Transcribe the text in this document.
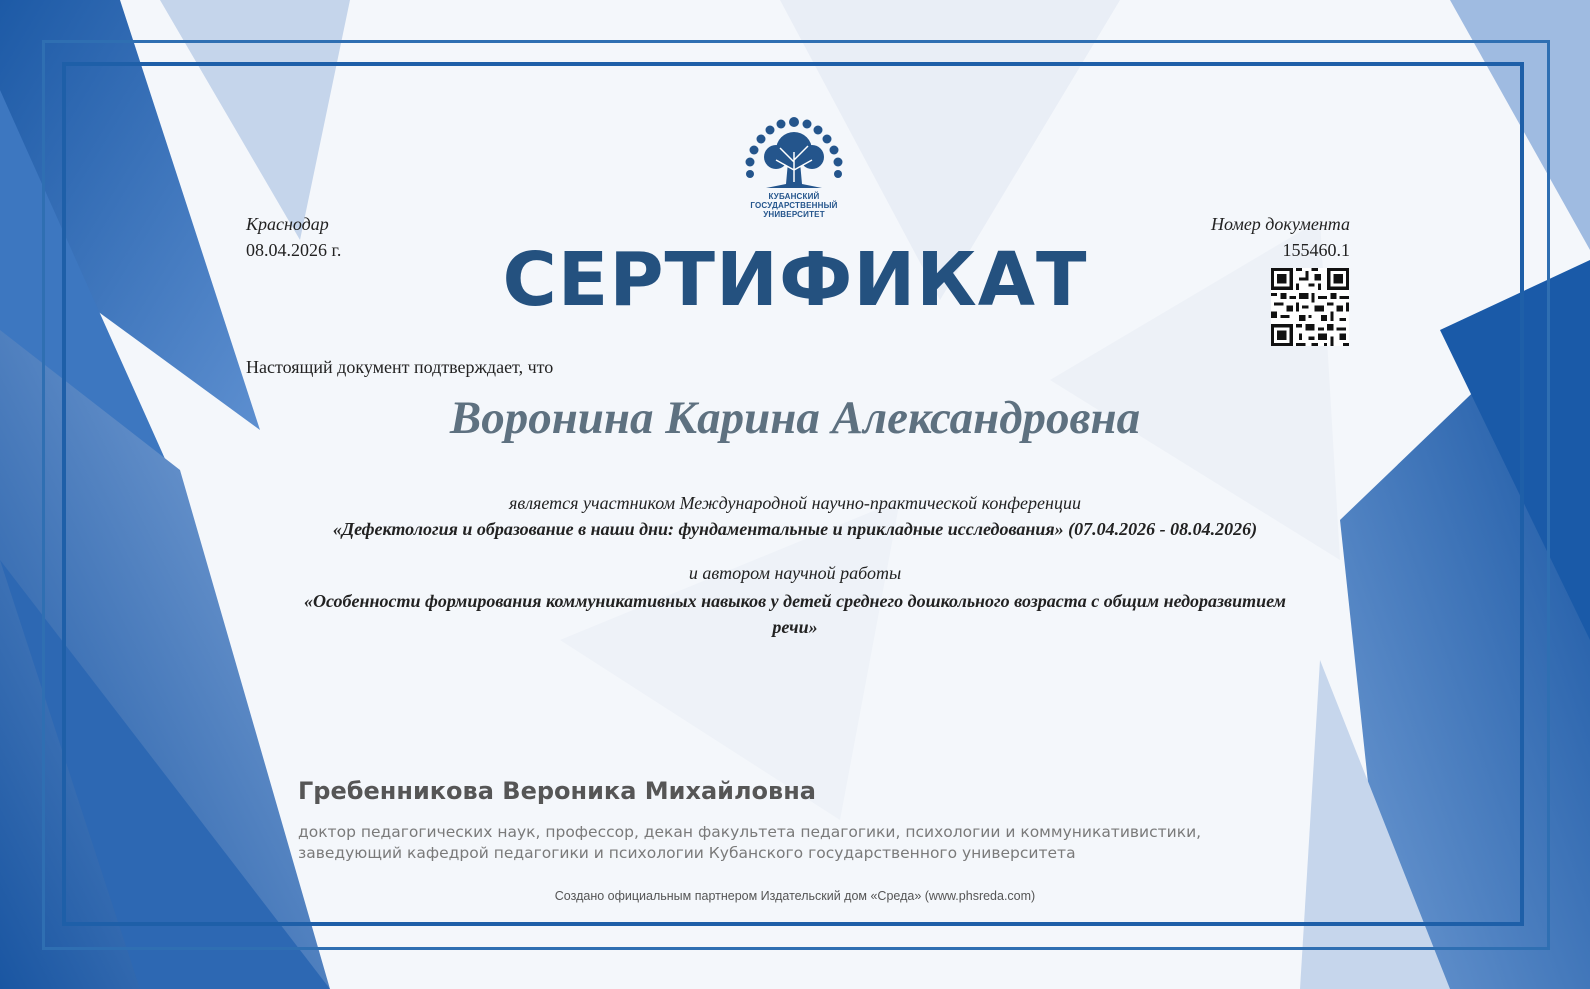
КУБАНСКИЙ
ГОСУДАРСТВЕННЫЙ
УНИВЕРСИТЕТ
Краснодар
08.04.2026 г.
Номер документа
155460.1
СЕРТИФИКАТ
Настоящий документ подтверждает, что
Воронина Карина Александровна
является участником Международной научно-практической конференции
«Дефектология и образование в наши дни: фундаментальные и прикладные исследования» (07.04.2026 - 08.04.2026)
и автором научной работы
«Особенности формирования коммуникативных навыков у детей среднего дошкольного возраста с общим недоразвитием
речи»
Гребенникова Вероника Михайловна
доктор педагогических наук, профессор, декан факультета педагогики, психологии и коммуникативистики,
заведующий кафедрой педагогики и психологии Кубанского государственного университета
Создано официальным партнером Издательский дом «Среда» (www.phsreda.com)
